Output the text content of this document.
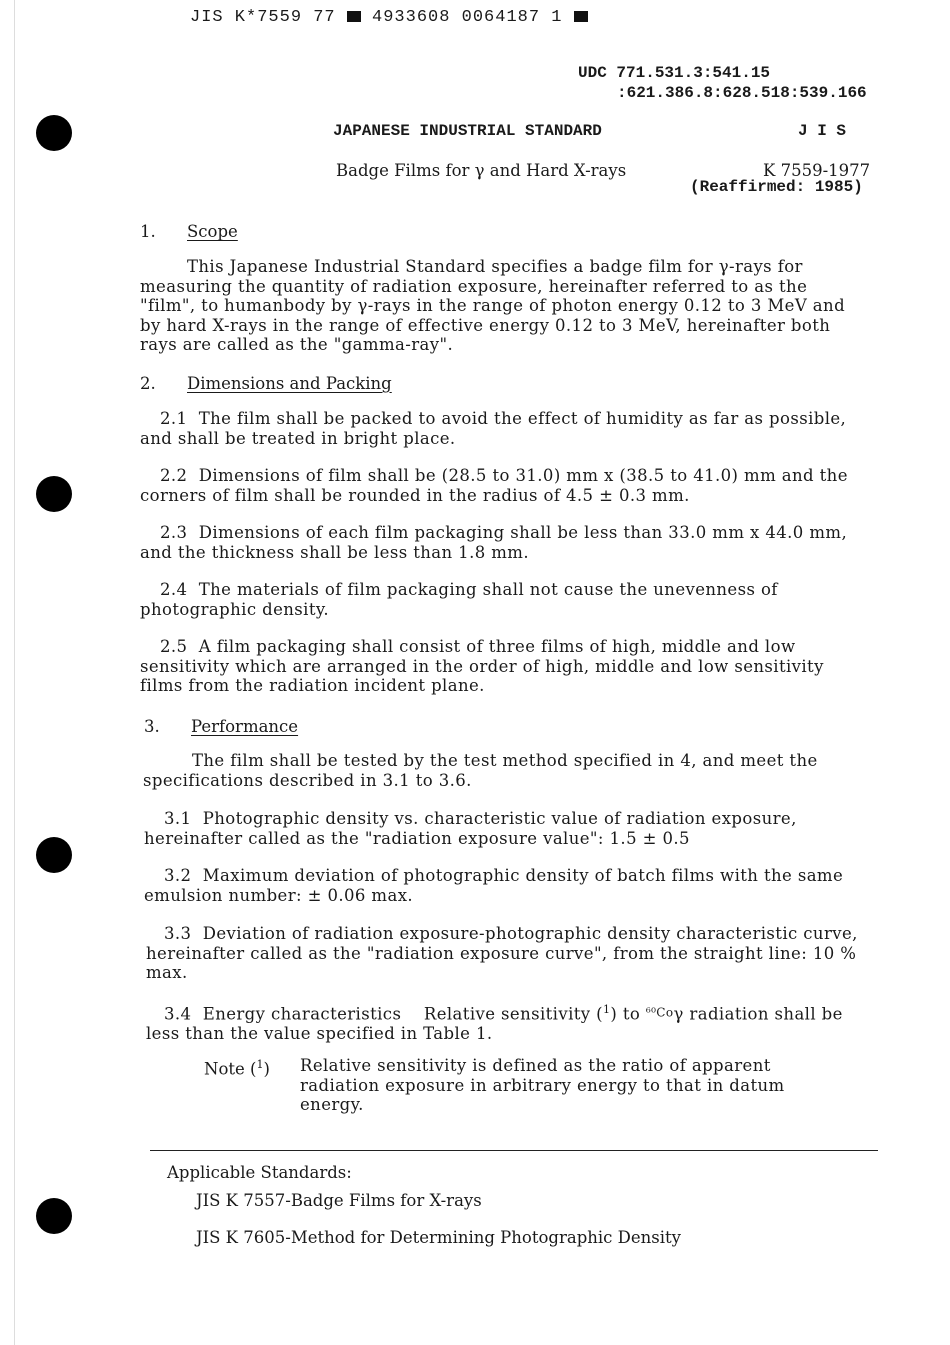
JIS K*7559 77 4933608 0064187 1
UDC 771.531.3:541.15
:621.386.8:628.518:539.166
JAPANESE INDUSTRIAL STANDARD	J I S
Badge Films for γ and Hard X-rays	K 7559-1977
(Reaffirmed: 1985)
1. Scope
This Japanese Industrial Standard specifies a badge film for γ-rays for measuring the quantity of radiation exposure, hereinafter referred to as the "film", to humanbody by γ-rays in the range of photon energy 0.12 to 3 MeV and by hard X-rays in the range of effective energy 0.12 to 3 MeV, hereinafter both rays are called as the "gamma-ray".
2. Dimensions and Packing
2.1 The film shall be packed to avoid the effect of humidity as far as possible, and shall be treated in bright place.
2.2 Dimensions of film shall be (28.5 to 31.0) mm x (38.5 to 41.0) mm and the corners of film shall be rounded in the radius of 4.5 ± 0.3 mm.
2.3 Dimensions of each film packaging shall be less than 33.0 mm x 44.0 mm, and the thickness shall be less than 1.8 mm.
2.4 The materials of film packaging shall not cause the unevenness of photographic density.
2.5 A film packaging shall consist of three films of high, middle and low sensitivity which are arranged in the order of high, middle and low sensitivity films from the radiation incident plane.
3. Performance
The film shall be tested by the test method specified in 4, and meet the specifications described in 3.1 to 3.6.
3.1 Photographic density vs. characteristic value of radiation exposure, hereinafter called as the "radiation exposure value": 1.5 ± 0.5
3.2 Maximum deviation of photographic density of batch films with the same emulsion number: ± 0.06 max.
3.3 Deviation of radiation exposure-photographic density characteristic curve, hereinafter called as the "radiation exposure curve", from the straight line: 10 % max.
3.4 Energy characteristics    Relative sensitivity ($^1$) to ⁶⁰Coγ radiation shall be less than the value specified in Table 1.
Note ($^1$) Relative sensitivity is defined as the ratio of apparent radiation exposure in arbitrary energy to that in datum energy.
Applicable Standards:
JIS K 7557-Badge Films for X-rays
JIS K 7605-Method for Determining Photographic Density
